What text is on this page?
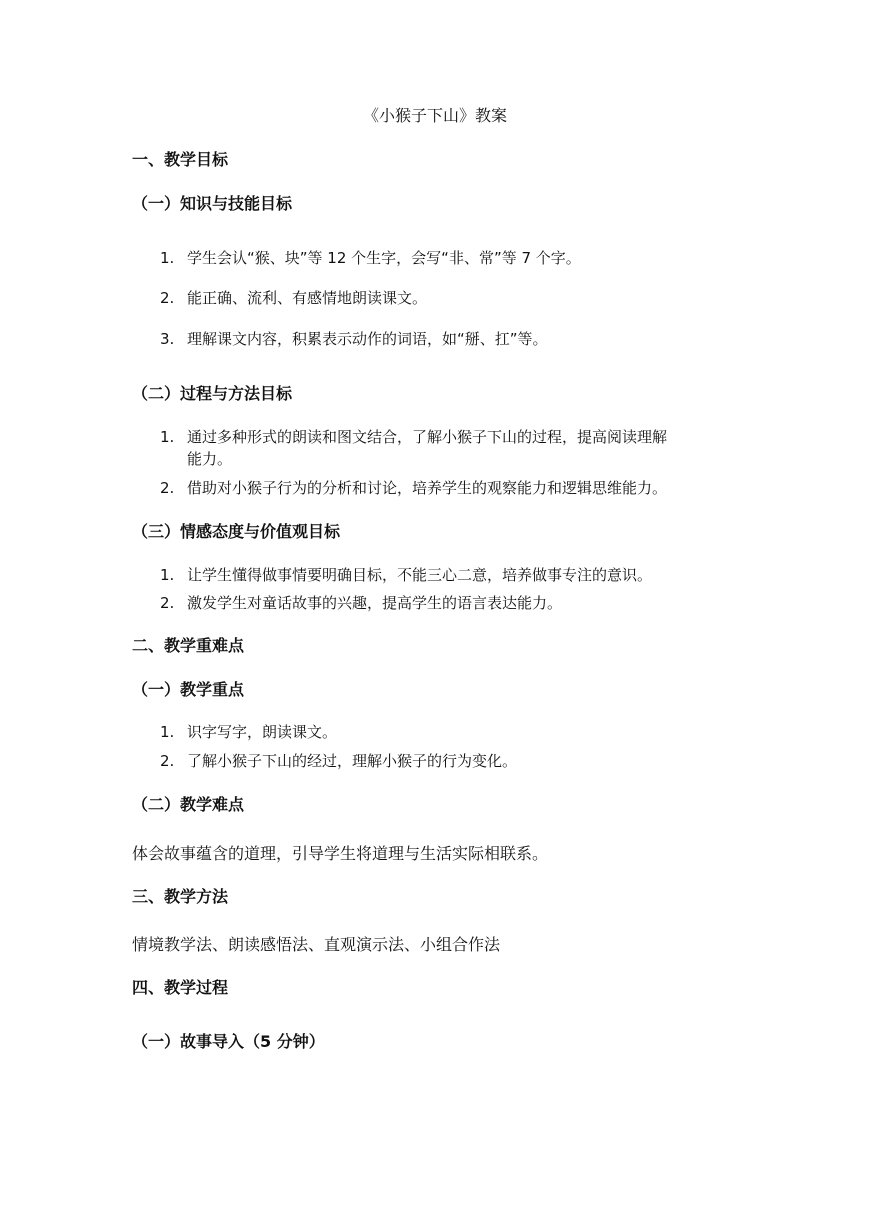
《小猴子下山》教案
一、教学目标
（一）知识与技能目标
1. 学生会认“猴、块”等 12 个生字，会写“非、常”等 7 个字。
2. 能正确、流利、有感情地朗读课文。
3. 理解课文内容，积累表示动作的词语，如“掰、扛”等。
（二）过程与方法目标
1. 通过多种形式的朗读和图文结合，了解小猴子下山的过程，提高阅读理解
能力。
2. 借助对小猴子行为的分析和讨论，培养学生的观察能力和逻辑思维能力。
（三）情感态度与价值观目标
1. 让学生懂得做事情要明确目标，不能三心二意，培养做事专注的意识。
2. 激发学生对童话故事的兴趣，提高学生的语言表达能力。
二、教学重难点
（一）教学重点
1. 识字写字，朗读课文。
2. 了解小猴子下山的经过，理解小猴子的行为变化。
（二）教学难点
体会故事蕴含的道理，引导学生将道理与生活实际相联系。
三、教学方法
情境教学法、朗读感悟法、直观演示法、小组合作法
四、教学过程
（一）故事导入（5 分钟）
